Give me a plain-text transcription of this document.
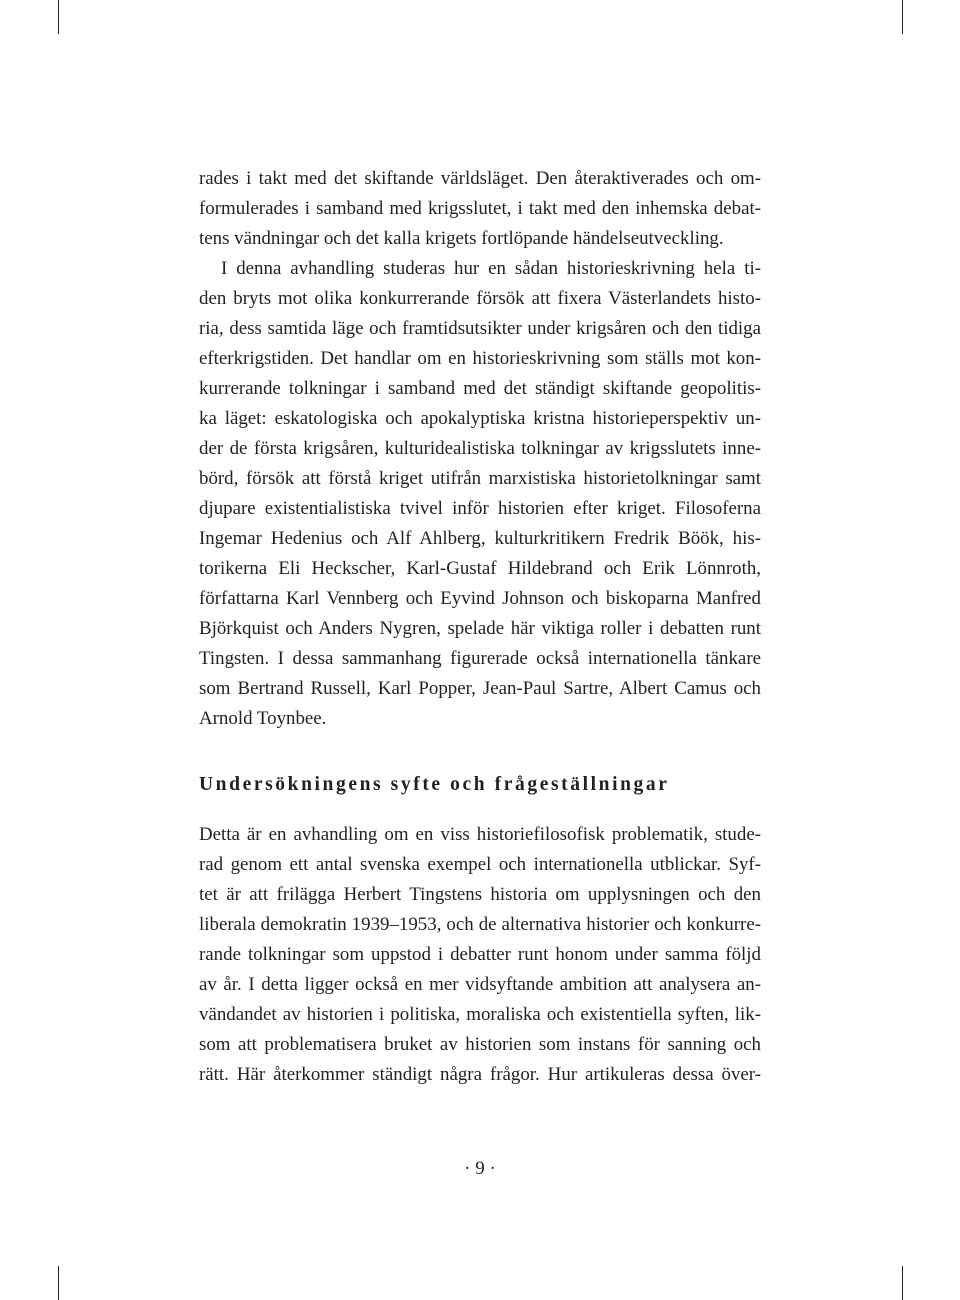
rades i takt med det skiftande världsläget. Den återaktiverades och om-
formulerades i samband med krigsslutet, i takt med den inhemska debat-
tens vändningar och det kalla krigets fortlöpande händelseutveckling.

I denna avhandling studeras hur en sådan historieskrivning hela ti-
den bryts mot olika konkurrerande försök att fixera Västerlandets histo-
ria, dess samtida läge och framtidsutsikter under krigsåren och den tidiga
efterkrigstiden. Det handlar om en historieskrivning som ställs mot kon-
kurrerande tolkningar i samband med det ständigt skiftande geopolitis-
ka läget: eskatologiska och apokalyptiska kristna historieperspektiv un-
der de första krigsåren, kulturidealistiska tolkningar av krigsslutets inne-
börd, försök att förstå kriget utifrån marxistiska historietolkningar samt
djupare existentialistiska tvivel inför historien efter kriget. Filosoferna
Ingemar Hedenius och Alf Ahlberg, kulturkritikern Fredrik Böök, his-
torikerna Eli Heckscher, Karl-Gustaf Hildebrand och Erik Lönnroth,
författarna Karl Vennberg och Eyvind Johnson och biskoparna Manfred
Björkquist och Anders Nygren, spelade här viktiga roller i debatten runt
Tingsten. I dessa sammanhang figurerade också internationella tänkare
som Bertrand Russell, Karl Popper, Jean-Paul Sartre, Albert Camus och
Arnold Toynbee.

Undersökningens syfte och frågeställningar

Detta är en avhandling om en viss historiefilosofisk problematik, stude-
rad genom ett antal svenska exempel och internationella utblickar. Syf-
tet är att frilägga Herbert Tingstens historia om upplysningen och den
liberala demokratin 1939–1953, och de alternativa historier och konkurre-
rande tolkningar som uppstod i debatter runt honom under samma följd
av år. I detta ligger också en mer vidsyftande ambition att analysera an-
vändandet av historien i politiska, moraliska och existentiella syften, lik-
som att problematisera bruket av historien som instans för sanning och
rätt. Här återkommer ständigt några frågor. Hur artikuleras dessa över-

· 9 ·
